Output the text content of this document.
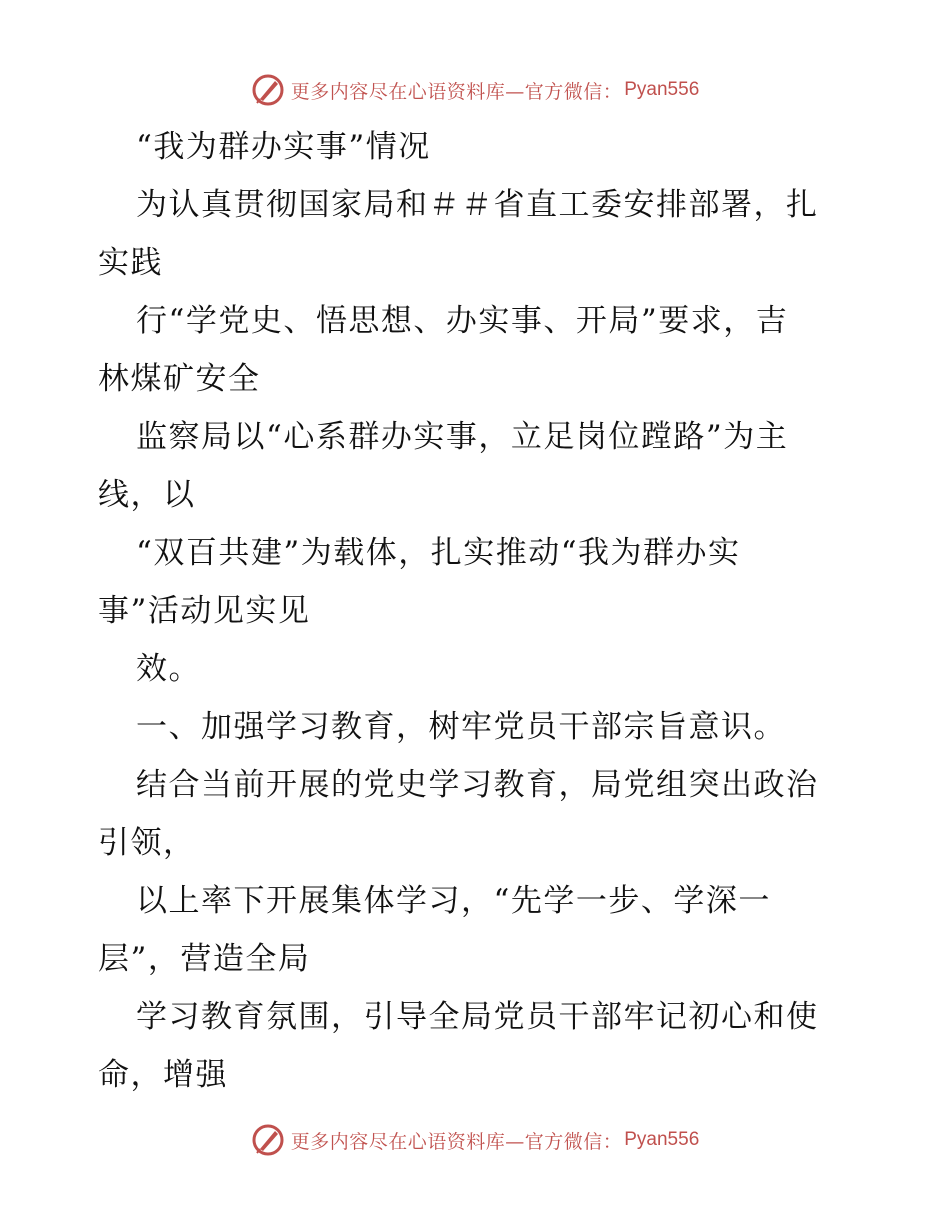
更多内容尽在心语资料库—官方微信： Pyan556
“我为群办实事”情况
为认真贯彻国家局和＃＃省直工委安排部署，扎
实践
行“学党史、悟思想、办实事、开局”要求，吉
林煤矿安全
监察局以“心系群办实事，立足岗位蹚路”为主
线，以
“双百共建”为载体，扎实推动“我为群办实
事”活动见实见
效。
一、加强学习教育，树牢党员干部宗旨意识。
结合当前开展的党史学习教育，局党组突出政治
引领，
以上率下开展集体学习，“先学一步、学深一
层”，营造全局
学习教育氛围，引导全局党员干部牢记初心和使
命，增强
更多内容尽在心语资料库—官方微信： Pyan556
